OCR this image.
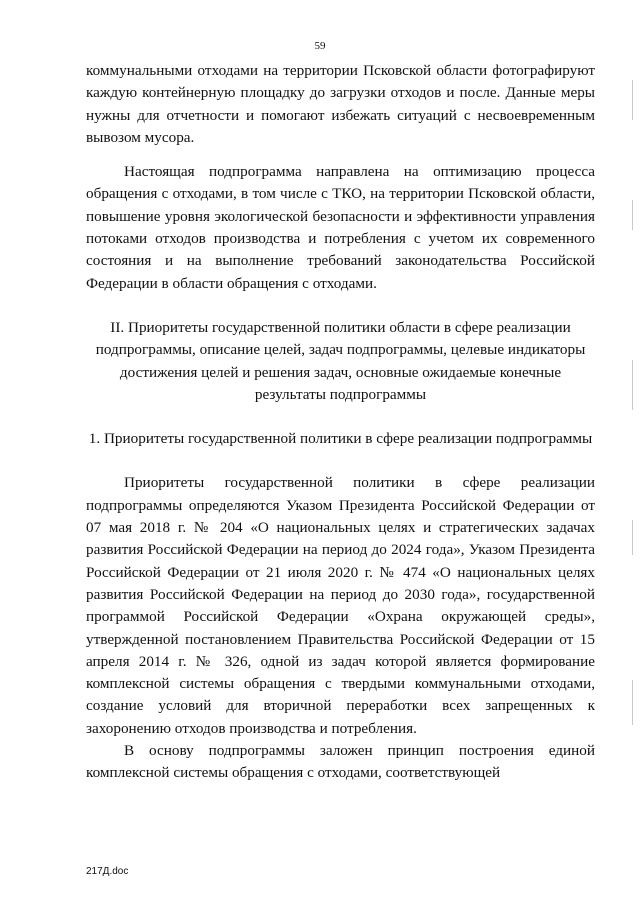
59

коммунальными отходами на территории Псковской области фотографируют каждую контейнерную площадку до загрузки отходов и после. Данные меры нужны для отчетности и помогают избежать ситуаций с несвоевременным вывозом мусора.

Настоящая подпрограмма направлена на оптимизацию процесса обращения с отходами, в том числе с ТКО, на территории Псковской области, повышение уровня экологической безопасности и эффективности управления потоками отходов производства и потребления с учетом их современного состояния и на выполнение требований законодательства Российской Федерации в области обращения с отходами.

II. Приоритеты государственной политики области в сфере реализации подпрограммы, описание целей, задач подпрограммы, целевые индикаторы достижения целей и решения задач, основные ожидаемые конечные результаты подпрограммы

1. Приоритеты государственной политики в сфере реализации подпрограммы

Приоритеты государственной политики в сфере реализации подпрограммы определяются Указом Президента Российской Федерации от 07 мая 2018 г. № 204 «О национальных целях и стратегических задачах развития Российской Федерации на период до 2024 года», Указом Президента Российской Федерации от 21 июля 2020 г. № 474 «О национальных целях развития Российской Федерации на период до 2030 года», государственной программой Российской Федерации «Охрана окружающей среды», утвержденной постановлением Правительства Российской Федерации от 15 апреля 2014 г. № 326, одной из задач которой является формирование комплексной системы обращения с твердыми коммунальными отходами, создание условий для вторичной переработки всех запрещенных к захоронению отходов производства и потребления.

В основу подпрограммы заложен принцип построения единой комплексной системы обращения с отходами, соответствующей

217Д.doc
